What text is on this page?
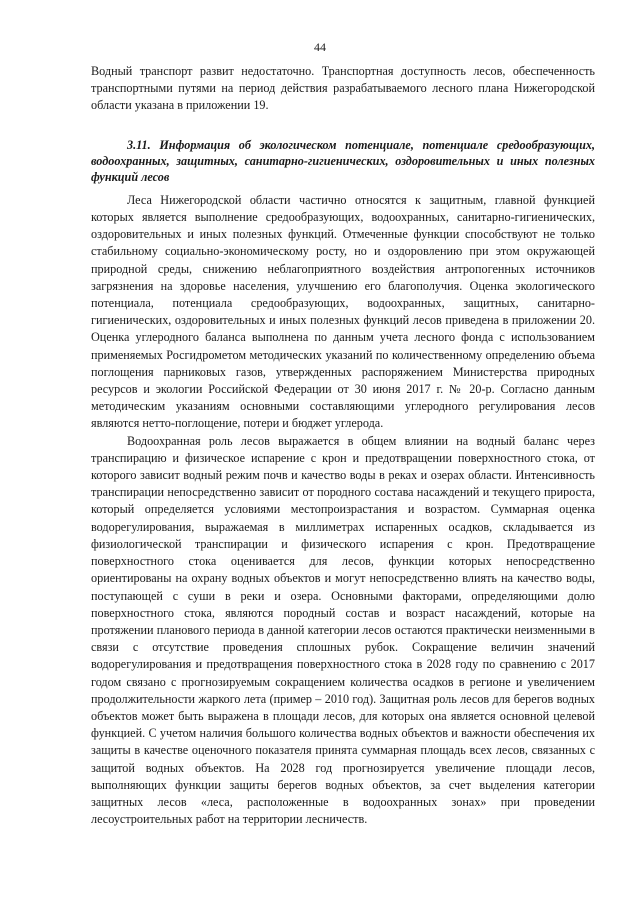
44

Водный транспорт развит недостаточно. Транспортная доступность лесов, обеспеченность транспортными путями на период действия разрабатываемого лесного плана Нижегородской области указана в приложении 19.

3.11. Информация об экологическом потенциале, потенциале средообразующих, водоохранных, защитных, санитарно-гигиенических, оздоровительных и иных полезных функций лесов

Леса Нижегородской области частично относятся к защитным, главной функцией которых является выполнение средообразующих, водоохранных, санитарно-гигиенических, оздоровительных и иных полезных функций. Отмеченные функции способствуют не только стабильному социально-экономическому росту, но и оздоровлению при этом окружающей природной среды, снижению неблагоприятного воздействия антропогенных источников загрязнения на здоровье населения, улучшению его благополучия. Оценка экологического потенциала, потенциала средообразующих, водоохранных, защитных, санитарно-гигиенических, оздоровительных и иных полезных функций лесов приведена в приложении 20. Оценка углеродного баланса выполнена по данным учета лесного фонда с использованием применяемых Росгидрометом методических указаний по количественному определению объема поглощения парниковых газов, утвержденных распоряжением Министерства природных ресурсов и экологии Российской Федерации от 30 июня 2017 г. № 20-р. Согласно данным методическим указаниям основными составляющими углеродного регулирования лесов являются нетто-поглощение, потери и бюджет углерода.

Водоохранная роль лесов выражается в общем влиянии на водный баланс через транспирацию и физическое испарение с крон и предотвращении поверхностного стока, от которого зависит водный режим почв и качество воды в реках и озерах области. Интенсивность транспирации непосредственно зависит от породного состава насаждений и текущего прироста, который определяется условиями местопроизрастания и возрастом. Суммарная оценка водорегулирования, выражаемая в миллиметрах испаренных осадков, складывается из физиологической транспирации и физического испарения с крон. Предотвращение поверхностного стока оценивается для лесов, функции которых непосредственно ориентированы на охрану водных объектов и могут непосредственно влиять на качество воды, поступающей с суши в реки и озера. Основными факторами, определяющими долю поверхностного стока, являются породный состав и возраст насаждений, которые на протяжении планового периода в данной категории лесов остаются практически неизменными в связи с отсутствие проведения сплошных рубок. Сокращение величин значений водорегулирования и предотвращения поверхностного стока в 2028 году по сравнению с 2017 годом связано с прогнозируемым сокращением количества осадков в регионе и увеличением продолжительности жаркого лета (пример – 2010 год). Защитная роль лесов для берегов водных объектов может быть выражена в площади лесов, для которых она является основной целевой функцией. С учетом наличия большого количества водных объектов и важности обеспечения их защиты в качестве оценочного показателя принята суммарная площадь всех лесов, связанных с защитой водных объектов. На 2028 год прогнозируется увеличение площади лесов, выполняющих функции защиты берегов водных объектов, за счет выделения категории защитных лесов «леса, расположенные в водоохранных зонах» при проведении лесоустроительных работ на территории лесничеств.
